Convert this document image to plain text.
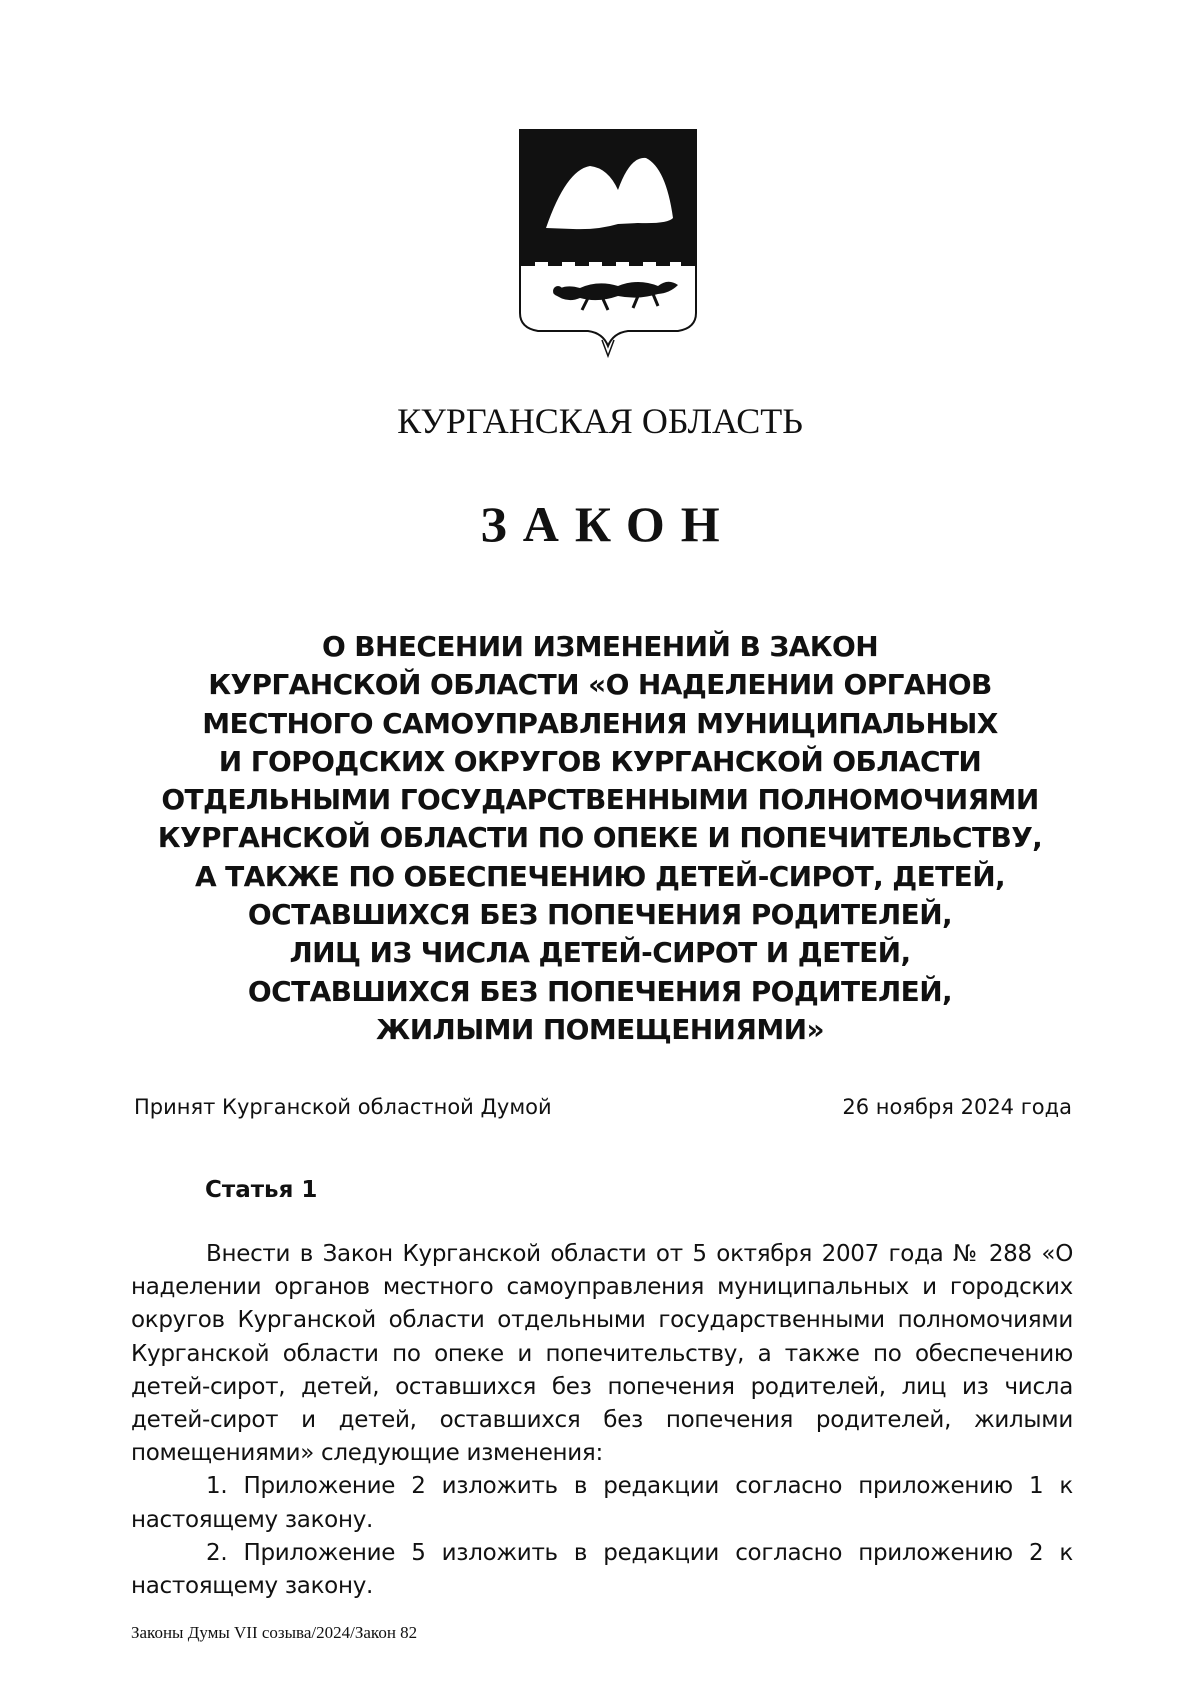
КУРГАНСКАЯ ОБЛАСТЬ
ЗАКОН
О ВНЕСЕНИИ ИЗМЕНЕНИЙ В ЗАКОН
КУРГАНСКОЙ ОБЛАСТИ «О НАДЕЛЕНИИ ОРГАНОВ
МЕСТНОГО САМОУПРАВЛЕНИЯ МУНИЦИПАЛЬНЫХ
И ГОРОДСКИХ ОКРУГОВ КУРГАНСКОЙ ОБЛАСТИ
ОТДЕЛЬНЫМИ ГОСУДАРСТВЕННЫМИ ПОЛНОМОЧИЯМИ
КУРГАНСКОЙ ОБЛАСТИ ПО ОПЕКЕ И ПОПЕЧИТЕЛЬСТВУ,
А ТАКЖЕ ПО ОБЕСПЕЧЕНИЮ ДЕТЕЙ-СИРОТ, ДЕТЕЙ,
ОСТАВШИХСЯ БЕЗ ПОПЕЧЕНИЯ РОДИТЕЛЕЙ,
ЛИЦ ИЗ ЧИСЛА ДЕТЕЙ-СИРОТ И ДЕТЕЙ,
ОСТАВШИХСЯ БЕЗ ПОПЕЧЕНИЯ РОДИТЕЛЕЙ,
ЖИЛЫМИ ПОМЕЩЕНИЯМИ»
Принят Курганской областной Думой	26 ноября 2024 года
Статья 1

Внести в Закон Курганской области от 5 октября 2007 года № 288 «О наделении органов местного самоуправления муниципальных и городских округов Курганской области отдельными государственными полномочиями Курганской области по опеке и попечительству, а также по обеспечению детей-сирот, детей, оставшихся без попечения родителей, лиц из числа детей-сирот и детей, оставшихся без попечения родителей, жилыми помещениями» следующие изменения:

1. Приложение 2 изложить в редакции согласно приложению 1 к настоящему закону.

2. Приложение 5 изложить в редакции согласно приложению 2 к настоящему закону.

Законы Думы VII созыва/2024/Закон 82
